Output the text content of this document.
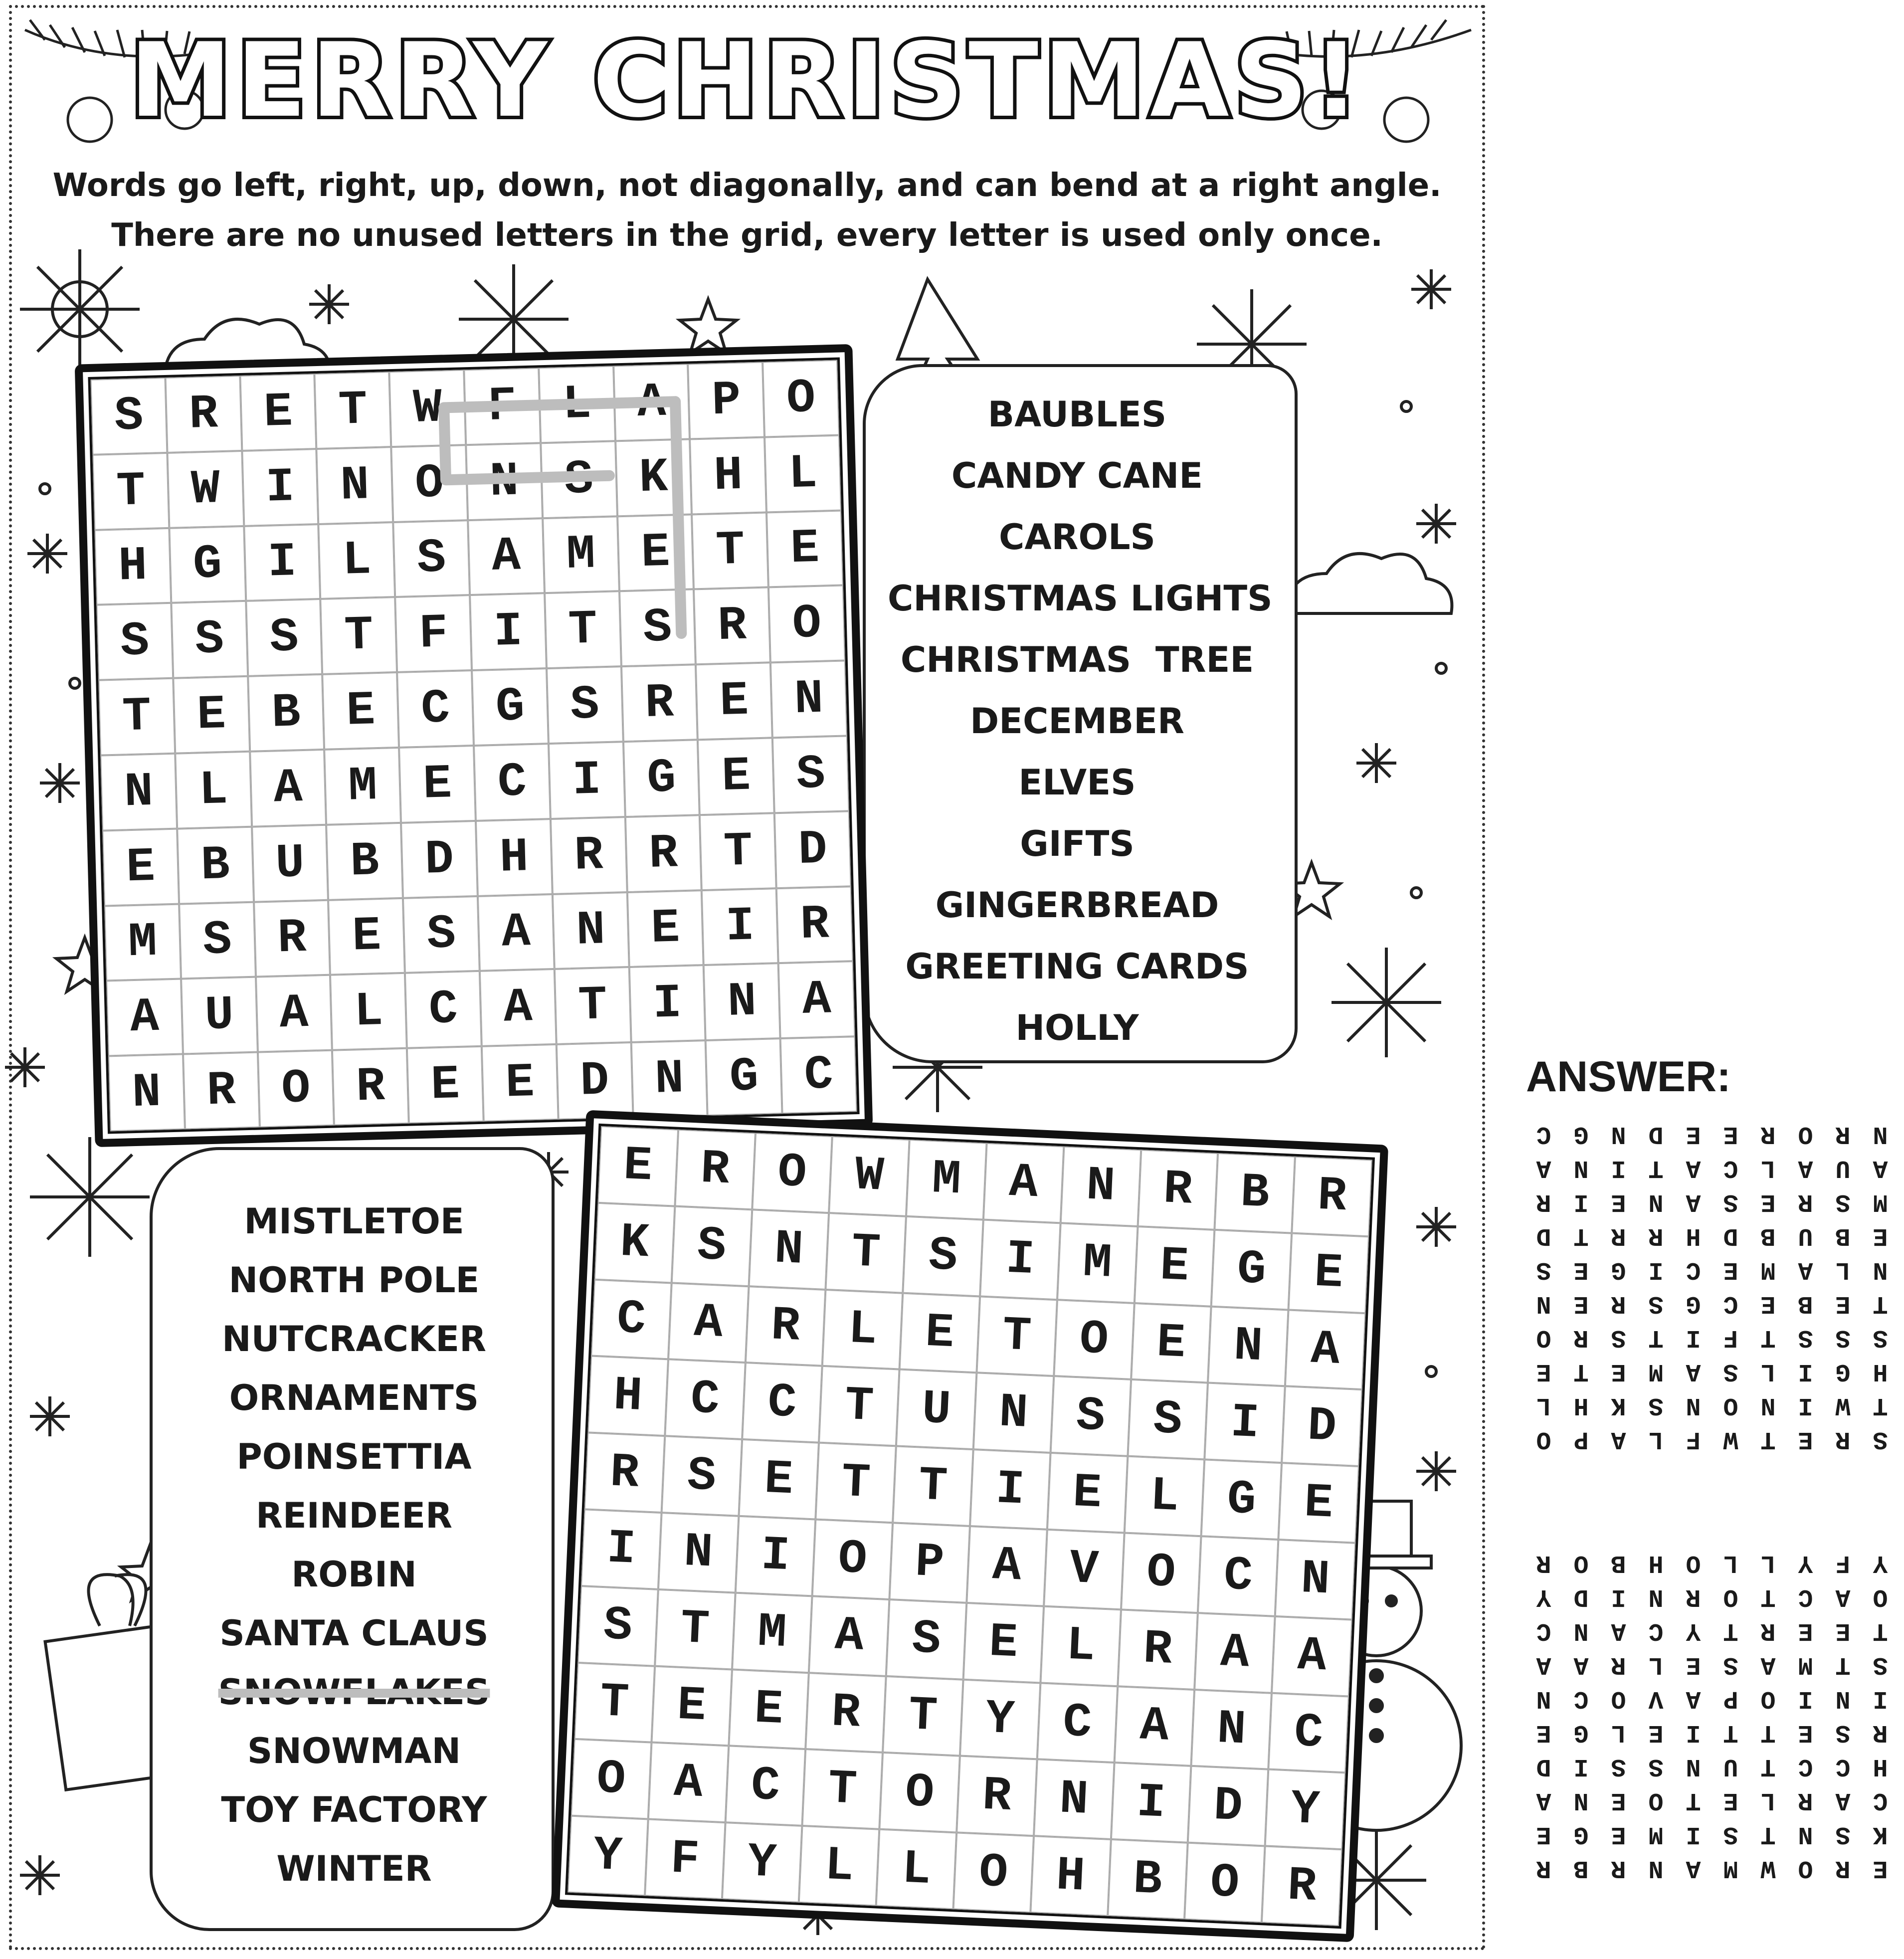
MERRY CHRISTMAS!
Words go left, right, up, down, not diagonally, and can bend at a right angle.
There are no unused letters in the grid, every letter is used only once.
S R E T W F L A P O
T W I N O N S K H L
H G I L S A M E T E
S S S T F I T S R O
T E B E C G S R E N
N L A M E C I G E S
E B U B D H R R T D
M S R E S A N E I R
A U A L C A T I N A
N R O R E E D N G C
BAUBLES
CANDY CANE
CAROLS
CHRISTMAS LIGHTS
CHRISTMAS  TREE
DECEMBER
ELVES
GIFTS
GINGERBREAD
GREETING CARDS
HOLLY
E R O W M A N R B R
K S N T S I M E G E
C A R L E T O E N A
H C C T U N S S I D
R S E T T I E L G E
I N I O P A V O C N
S T M A S E L R A A
T E E R T Y C A N C
O A C T O R N I D Y
Y F Y L L O H B O R
MISTLETOE
NORTH POLE
NUTCRACKER
ORNAMENTS
POINSETTIA
REINDEER
ROBIN
SANTA CLAUS
SNOWFLAKES
SNOWMAN
TOY FACTORY
WINTER
ANSWER:
S
R
E
T
W
F
L
A
P
O
T
W
I
N
O
N
S
K
H
L
H
G
I
L
S
A
M
E
T
E
S
S
S
T
F
I
T
S
R
O
T
E
B
E
C
G
S
R
E
N
N
L
A
M
E
C
I
G
E
S
E
B
U
B
D
H
R
R
T
D
M
S
R
E
S
A
N
E
I
R
A
U
A
L
C
A
T
I
N
A
N
R
O
R
E
E
D
N
G
C
E
R
O
W
M
A
N
R
B
R
K
S
N
T
S
I
M
E
G
E
C
A
R
L
E
T
O
E
N
A
H
C
C
T
U
N
S
S
I
D
R
S
E
T
T
I
E
L
G
E
I
N
I
O
P
A
V
O
C
N
S
T
M
A
S
E
L
R
A
A
T
E
E
R
T
Y
C
A
N
C
O
A
C
T
O
R
N
I
D
Y
Y
F
Y
L
L
O
H
B
O
R
